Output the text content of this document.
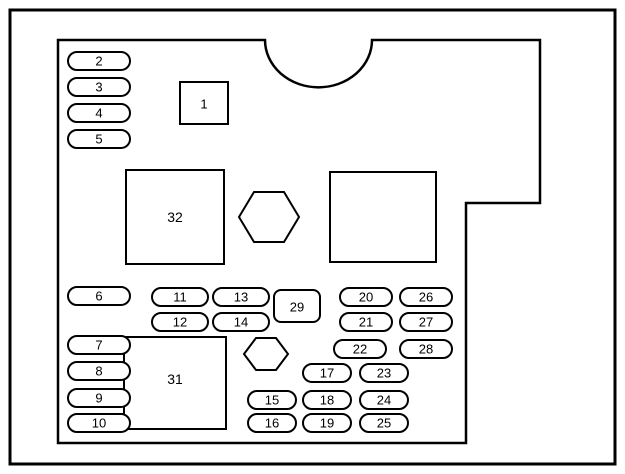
1
32
31
2
3
4
5
6
7
8
9
10
11
12
13
14
29
20
21
22
26
27
28
17	23
15	18	24
16	19	25
